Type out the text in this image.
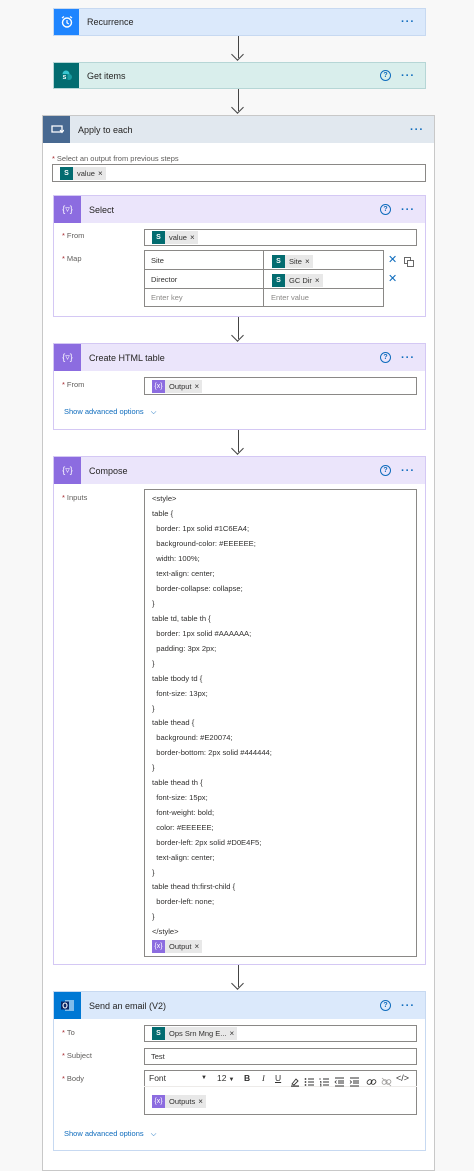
Recurrence	···
S Get items	?	···
Apply to each	···
* Select an output from previous steps
S	value ×
{▿}	Select	?	···
* From	S	value ×
* Map	Site	S	Site ×
Director	S	GC Dir ×
Enter key	Enter value
✕
✕
{▿}	Create HTML table	?	···
* From	{x} Output ×
Show advanced options ⌵
{▿}	Compose	?	···
* Inputs	<style>
table {
border: 1px solid #1C6EA4;
background-color: #EEEEEE;
width: 100%;
text-align: center;
border-collapse: collapse;
}
table td, table th {
border: 1px solid #AAAAAA;
padding: 3px 2px;
}
table tbody td {
font-size: 13px;
}
table thead {
background: #E20074;
border-bottom: 2px solid #444444;
}
table thead th {
font-size: 15px;
font-weight: bold;
color: #EEEEEE;
border-left: 2px solid #D0E4F5;
text-align: center;
}
table thead th:first-child {
border-left: none;
}
</style>
{x} Output ×
Send an email (V2)	?	···
* To	S	Ops Srn Mng E... ×
* Subject	Test
* Body	Font	▼ 12 ▼ B I U	</>
{x} Outputs ×
Show advanced options ⌵
